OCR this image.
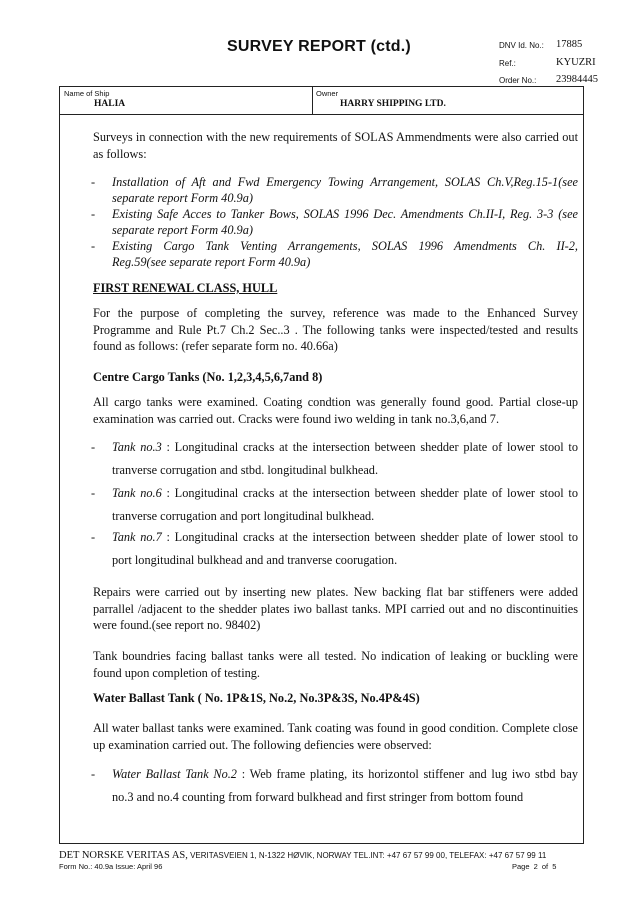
SURVEY REPORT (ctd.)	DNV Id. No.: 17885
Ref.:	KYUZRI
Order No.: 23984445
Name of Ship
HALIA
Owner
HARRY SHIPPING LTD.
Surveys in connection with the new requirements of SOLAS Ammendments were also carried out as follows:
- Installation of Aft and Fwd Emergency Towing Arrangement, SOLAS Ch.V,Reg.15-1(see
separate report Form 40.9a)
- Existing Safe Acces to Tanker Bows, SOLAS 1996 Dec. Amendments Ch.II-I, Reg. 3-3 (see
separate report Form 40.9a)
- Existing Cargo Tank Venting Arrangements, SOLAS 1996 Amendments Ch. II-2,
Reg.59(see separate report Form 40.9a)
FIRST RENEWAL CLASS, HULL
For the purpose of completing the survey, reference was made to the Enhanced Survey Programme and Rule Pt.7 Ch.2 Sec..3 . The following tanks were inspected/tested and results found as follows: (refer separate form no. 40.66a)
Centre Cargo Tanks (No. 1,2,3,4,5,6,7and 8)
All cargo tanks were examined. Coating condtion was generally found good. Partial close-up examination was carried out. Cracks were found iwo welding in tank no.3,6,and 7.
- Tank no.3 : Longitudinal cracks at the intersection between shedder plate of lower stool to
tranverse corrugation and stbd. longitudinal bulkhead.
- Tank no.6 : Longitudinal cracks at the intersection between shedder plate of lower stool to
tranverse corrugation and port longitudinal bulkhead.
- Tank no.7 : Longitudinal cracks at the intersection between shedder plate of lower stool to
port longitudinal bulkhead and and tranverse coorugation.
Repairs were carried out by inserting new plates. New backing flat bar stiffeners were added parrallel /adjacent to the shedder plates iwo ballast tanks. MPI carried out and no discontinuities were found.(see report no. 98402)
Tank boundries facing ballast tanks were all tested. No indication of leaking or buckling were found upon completion of testing.
Water Ballast Tank ( No. 1P&1S, No.2, No.3P&3S, No.4P&4S)
All water ballast tanks were examined. Tank coating was found in good condition. Complete close up examination carried out. The following defiencies were observed:
- Water Ballast Tank No.2 : Web frame plating, its horizontol stiffener and lug iwo stbd bay
no.3 and no.4 counting from forward bulkhead and first stringer from bottom found
DET NORSKE VERITAS AS, VERITASVEIEN 1, N-1322 HØVIK, NORWAY TEL.INT: +47 67 57 99 00, TELEFAX: +47 67 57 99 11
Form No.: 40.9a Issue: April 96	Page 2 of 5
